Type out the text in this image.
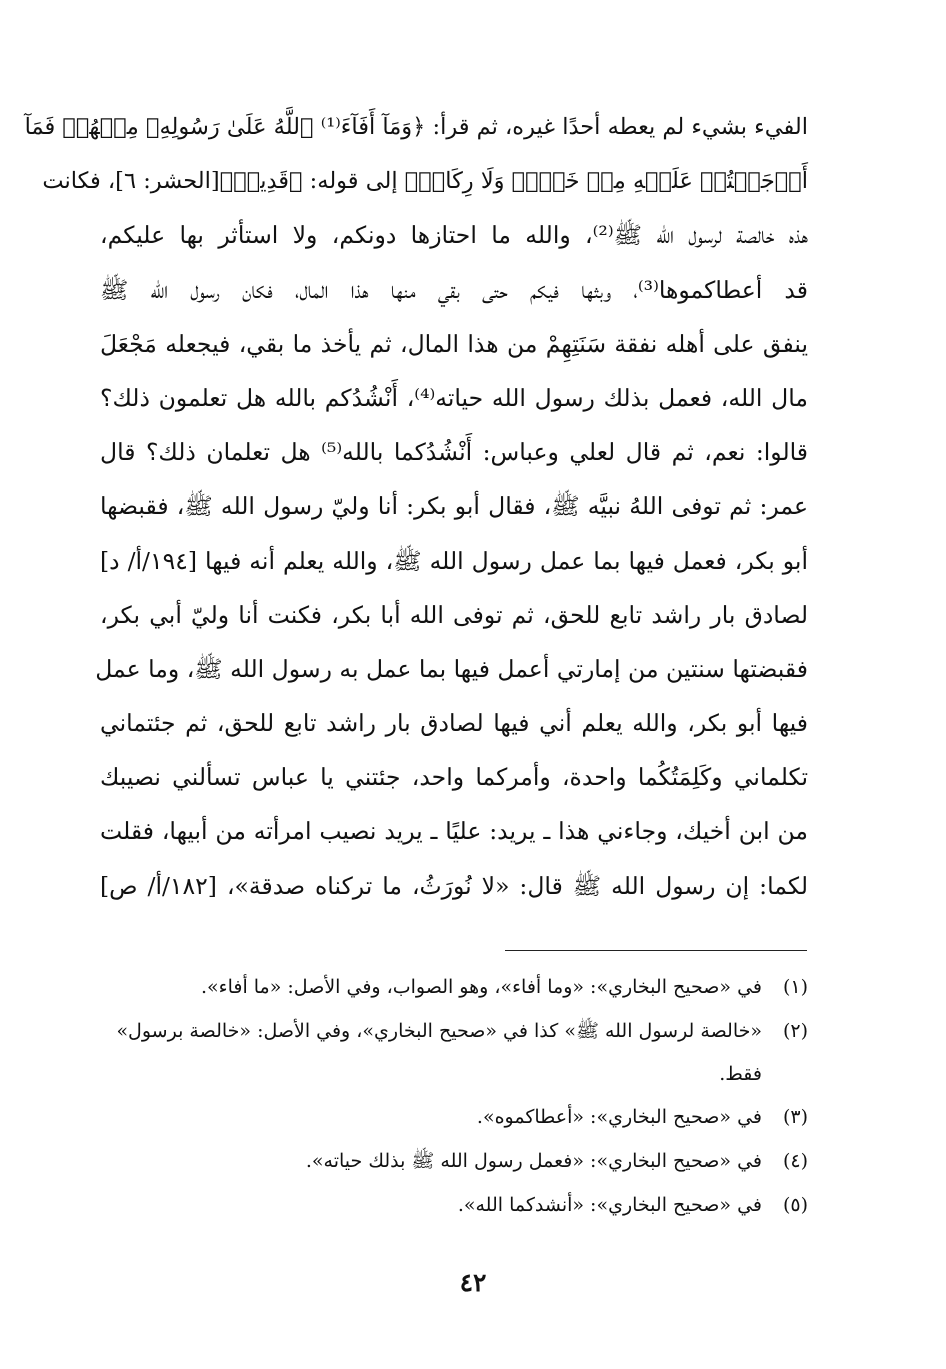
الفيء بشيء لم يعطه أحدًا غيره، ثم قرأ: ﴿وَمَآ أَفَآءَ⁽¹⁾ ٱللَّهُ عَلَىٰ رَسُولِهِۦ مِنۡهُمۡ فَمَآ
أَوۡجَفۡتُمۡ عَلَيۡهِ مِنۡ خَيۡلٖ وَلَا رِكَابٖ﴾ إلى قوله: ﴿قَدِيرٞ﴾[الحشر: ٦]، فكانت
هذه خالصة لرسول الله ﷺ⁽²⁾، والله ما احتازها دونكم، ولا استأثر بها عليكم،
قد أعطاكموها⁽³⁾، وبثها فيكم حتى بقي منها هذا المال، فكان رسول الله ﷺ
ينفق على أهله نفقة سَنَتِهِمْ من هذا المال، ثم يأخذ ما بقي، فيجعله مَجْعَلَ
مال الله، فعمل بذلك رسول الله حياته⁽⁴⁾، أَنْشُدُكم بالله هل تعلمون ذلك؟
قالوا: نعم، ثم قال لعلي وعباس: أَنْشُدُكما بالله⁽⁵⁾ هل تعلمان ذلك؟ قال
عمر: ثم توفى اللهُ نبيَّه ﷺ، فقال أبو بكر: أنا وليّ رسول الله ﷺ، فقبضها
أبو بكر، فعمل فيها بما عمل رسول الله ﷺ، والله يعلم أنه فيها [١٩٤/أ/ د]
لصادق بار راشد تابع للحق، ثم توفى الله أبا بكر، فكنت أنا وليّ أبي بكر،
فقبضتها سنتين من إمارتي أعمل فيها بما عمل به رسول الله ﷺ، وما عمل
فيها أبو بكر، والله يعلم أني فيها لصادق بار راشد تابع للحق، ثم جئتماني
تكلماني وكَلِمَتُكُما واحدة، وأمركما واحد، جئتني يا عباس تسألني نصيبك
من ابن أخيك، وجاءني هذا ـ يريد: عليًا ـ يريد نصيب امرأته من أبيها، فقلت
لكما: إن رسول الله ﷺ قال: «لا نُورَثُ، ما تركناه صدقة»، [١٨٢/أ/ ص]
(١)
في «صحيح البخاري»: «وما أفاء»، وهو الصواب، وفي الأصل: «ما أفاء».
(٢)
«خالصة لرسول الله ﷺ» كذا في «صحيح البخاري»، وفي الأصل: «خالصة برسول»
فقط.
(٣)
في «صحيح البخاري»: «أعطاكموه».
(٤)
في «صحيح البخاري»: «فعمل رسول الله ﷺ بذلك حياته».
(٥)
في «صحيح البخاري»: «أنشدكما الله».
٤٢
